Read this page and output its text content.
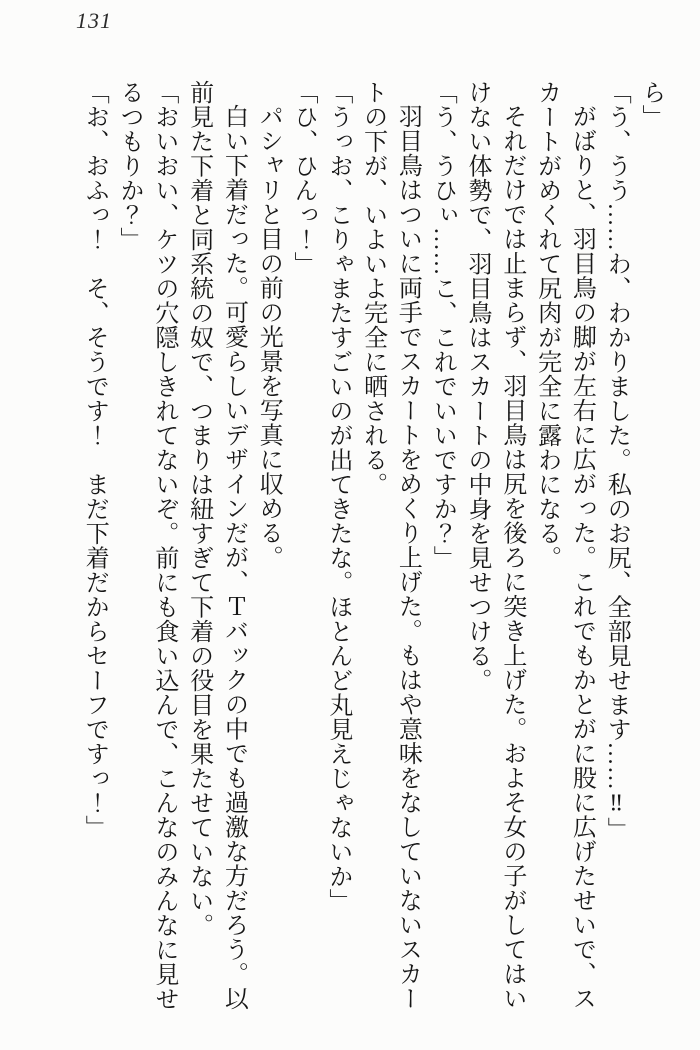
131
ら」
「う、うう……わ、わかりました。私のお尻、全部見せます……‼」
がばりと、羽目鳥の脚が左右に広がった。これでもかとがに股に広げたせいで、ス
カートがめくれて尻肉が完全に露わになる。
それだけでは止まらず、羽目鳥は尻を後ろに突き上げた。およそ女の子がしてはい
けない体勢で、羽目鳥はスカートの中身を見せつける。
「う、うひぃ……こ、これでいいですか？」
羽目鳥はついに両手でスカートをめくり上げた。もはや意味をなしていないスカー
トの下が、いよいよ完全に晒される。
「うっお、こりゃまたすごいのが出てきたな。ほとんど丸見えじゃないか」
「ひ、ひんっ！」
パシャリと目の前の光景を写真に収める。
白い下着だった。可愛らしいデザインだが、Ｔバックの中でも過激な方だろう。以
前見た下着と同系統の奴で、つまりは紐すぎて下着の役目を果たせていない。
「おいおい、ケツの穴隠しきれてないぞ。前にも食い込んで、こんなのみんなに見せ
るつもりか？」
「お、おふっ！　そ、そうです！　まだ下着だからセーフですっ！」
